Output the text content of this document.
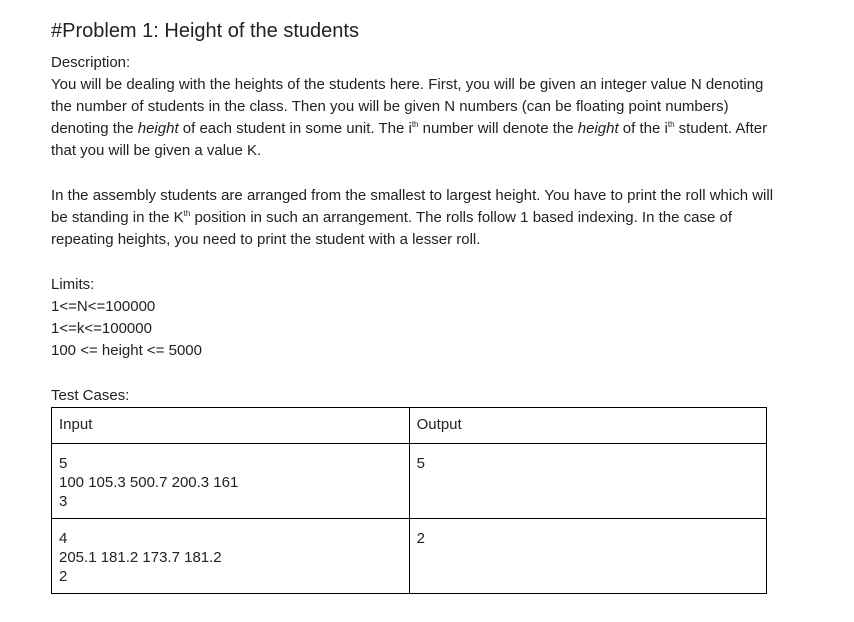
#Problem 1: Height of the students
Description:

You will be dealing with the heights of the students here. First, you will be given an integer value N denoting the number of students in the class. Then you will be given N numbers (can be floating point numbers) denoting the height of each student in some unit. The $i^{th}$ number will denote the height of the $i^{th}$ student. After that you will be given a value K.

In the assembly students are arranged from the smallest to largest height. You have to print the roll which will be standing in the $K^{th}$ position in such an arrangement. The rolls follow 1 based indexing. In the case of repeating heights, you need to print the student with a lesser roll.

Limits:
1<=N<=100000
1<=k<=100000
100 <= height <= 5000
Test Cases:
Input	Output

5
100 105.3 500.7 200.3 161
3	5

4
205.1 181.2 173.7 181.2
2	2
